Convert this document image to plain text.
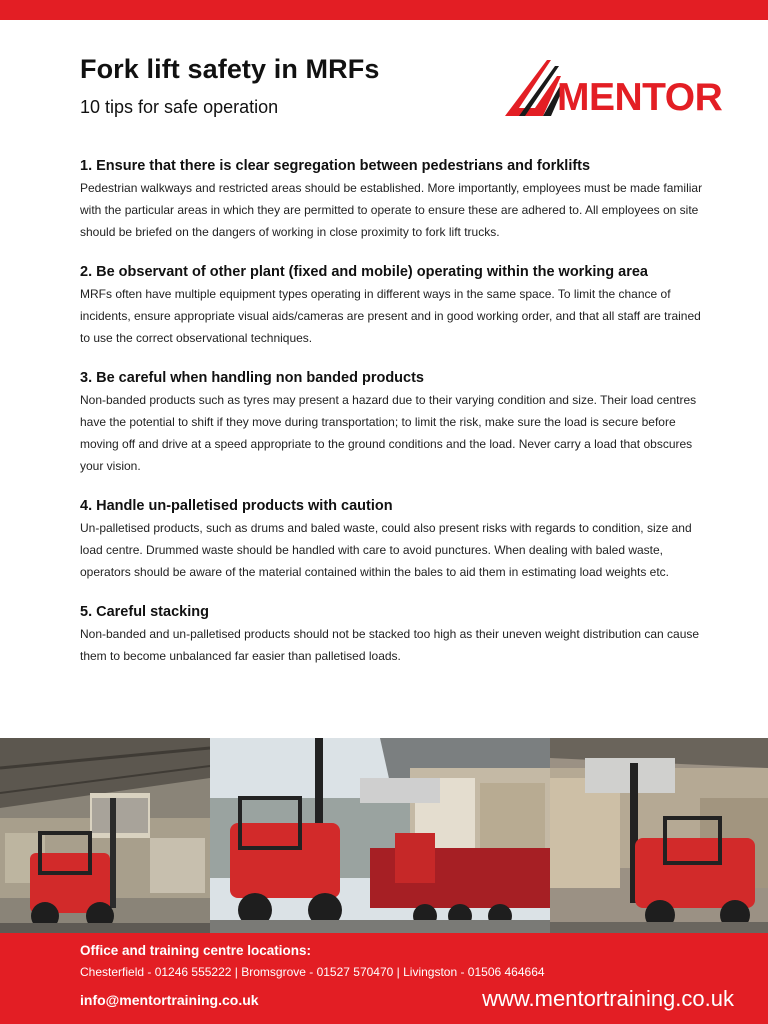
Fork lift safety in MRFs
10 tips for safe operation	MENTOR
1. Ensure that there is clear segregation between pedestrians and forklifts

Pedestrian walkways and restricted areas should be established. More importantly, employees must be made familiar with the particular areas in which they are permitted to operate to ensure these are adhered to. All employees on site should be briefed on the dangers of working in close proximity to fork lift trucks.

2. Be observant of other plant (fixed and mobile) operating within the working area

MRFs often have multiple equipment types operating in different ways in the same space. To limit the chance of incidents, ensure appropriate visual aids/cameras are present and in good working order, and that all staff are trained to use the correct observational techniques.

3. Be careful when handling non banded products

Non-banded products such as tyres may present a hazard due to their varying condition and size. Their load centres have the potential to shift if they move during transportation; to limit the risk, make sure the load is secure before moving off and drive at a speed appropriate to the ground conditions and the load. Never carry a load that obscures your vision.

4. Handle un-palletised products with caution

Un-palletised products, such as drums and baled waste, could also present risks with regards to condition, size and load centre. Drummed waste should be handled with care to avoid punctures. When dealing with baled waste, operators should be aware of the material contained within the bales to aid them in estimating load weights etc.

5. Careful stacking

Non-banded and un-palletised products should not be stacked too high as their uneven weight distribution can cause them to become unbalanced far easier than palletised loads.

Office and training centre locations:
Chesterfield - 01246 555222 | Bromsgrove - 01527 570470 | Livingston - 01506 464664
info@mentortraining.co.uk	www.mentortraining.co.uk
